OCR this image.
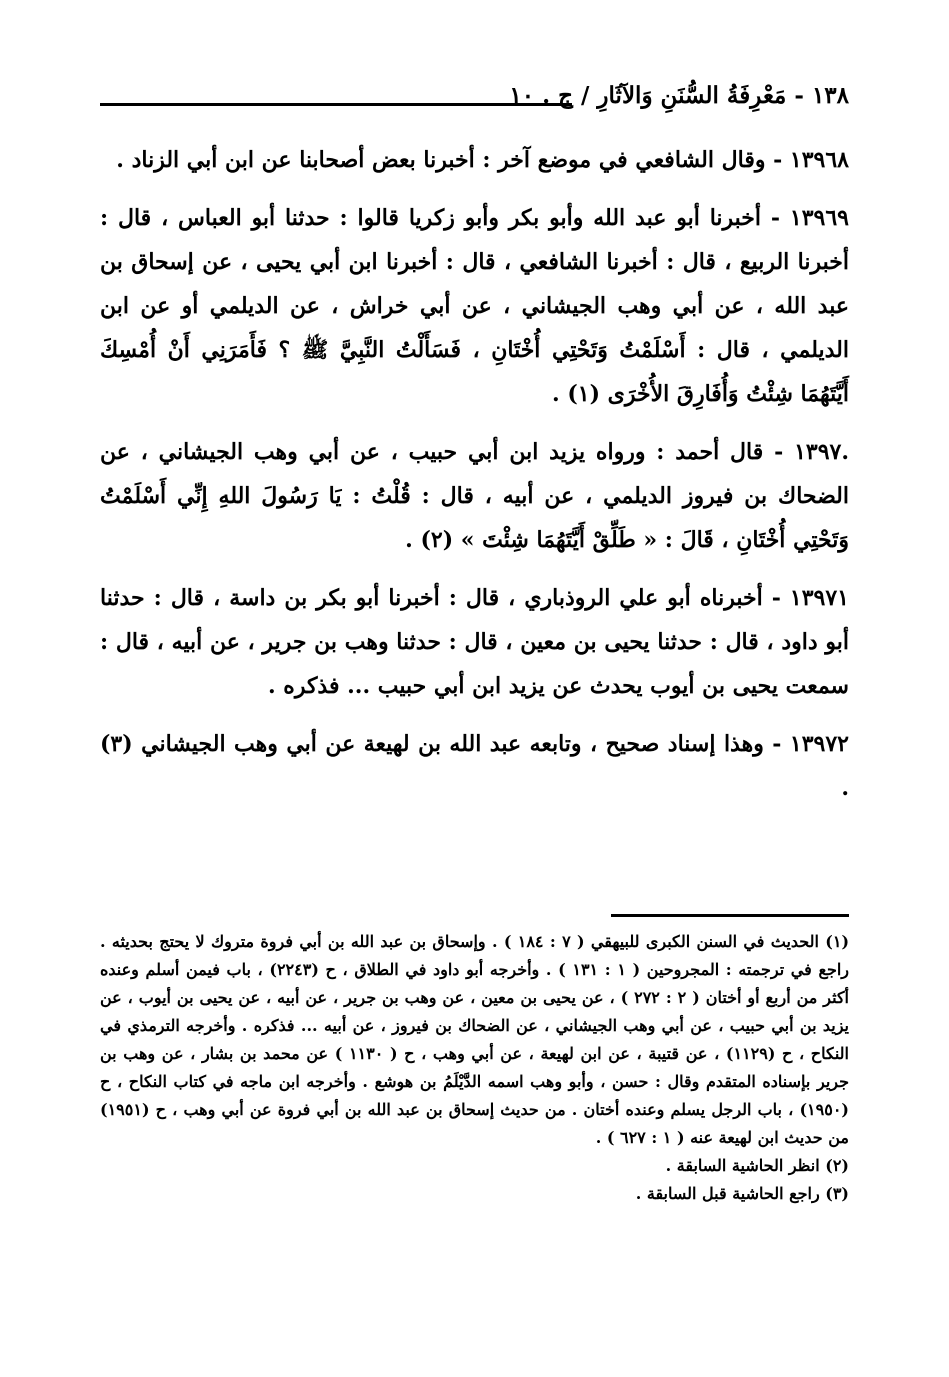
١٣٨ - مَعْرِفَةُ السُّنَنِ وَالآثَارِ / ج . ١٠

١٣٩٦٨ - وقال الشافعي في موضع آخر : أخبرنا بعض أصحابنا عن ابن أبي الزناد .

١٣٩٦٩ - أخبرنا أبو عبد الله وأبو بكر وأبو زكريا قالوا : حدثنا أبو العباس ، قال : أخبرنا الربيع ، قال : أخبرنا الشافعي ، قال : أخبرنا ابن أبي يحيى ، عن إسحاق بن عبد الله ، عن أبي وهب الجيشاني ، عن أبي خراش ، عن الديلمي أو عن ابن الديلمي ، قال : أَسْلَمْتُ وَتَحْتِي أُخْتَانِ ، فَسَأَلْتُ النَّبِيَّ ﷺ ؟ فَأَمَرَنِي أَنْ أُمْسِكَ أَيَّتَهُمَا شِئْتُ وَأُفَارِقَ الأُخْرَى (١) .

.١٣٩٧ - قال أحمد : ورواه يزيد ابن أبي حبيب ، عن أبي وهب الجيشاني ، عن الضحاك بن فيروز الديلمي ، عن أبيه ، قال : قُلْتُ : يَا رَسُولَ اللهِ إِنِّي أَسْلَمْتُ وَتَحْتِي أُخْتَانِ ، قَالَ : « طَلِّقْ أَيَّتَهُمَا شِئْتَ » (٢) .

١٣٩٧١ - أخبرناه أبو علي الروذباري ، قال : أخبرنا أبو بكر بن داسة ، قال : حدثنا أبو داود ، قال : حدثنا يحيى بن معين ، قال : حدثنا وهب بن جرير ، عن أبيه ، قال : سمعت يحيى بن أيوب يحدث عن يزيد ابن أبي حبيب ... فذكره .

١٣٩٧٢ - وهذا إسناد صحيح ، وتابعه عبد الله بن لهيعة عن أبي وهب الجيشاني (٣) .

(١) الحديث في السنن الكبرى للبيهقي ( ٧ : ١٨٤ ) . وإسحاق بن عبد الله بن أبي فروة متروك لا يحتج بحديثه . راجع في ترجمته : المجروحين ( ١ : ١٣١ ) . وأخرجه أبو داود في الطلاق ، ح (٢٢٤٣) ، باب فيمن أسلم وعنده أكثر من أربع أو أختان ( ٢ : ٢٧٢ ) ، عن يحيى بن معين ، عن وهب بن جرير ، عن أبيه ، عن يحيى بن أيوب ، عن يزيد بن أبي حبيب ، عن أبي وهب الجيشاني ، عن الضحاك بن فيروز ، عن أبيه ... فذكره . وأخرجه الترمذي في النكاح ، ح (١١٢٩) ، عن قتيبة ، عن ابن لهيعة ، عن أبي وهب ، ح ( ١١٣٠ ) عن محمد بن بشار ، عن وهب بن جرير بإسناده المتقدم وقال : حسن ، وأبو وهب اسمه الدَّيْلَمُ بن هوشع . وأخرجه ابن ماجه في كتاب النكاح ، ح (١٩٥٠) ، باب الرجل يسلم وعنده أختان . من حديث إسحاق بن عبد الله بن أبي فروة عن أبي وهب ، ح (١٩٥١) من حديث ابن لهيعة عنه ( ١ : ٦٢٧ ) .

(٢) انظر الحاشية السابقة .

(٣) راجع الحاشية قبل السابقة .
